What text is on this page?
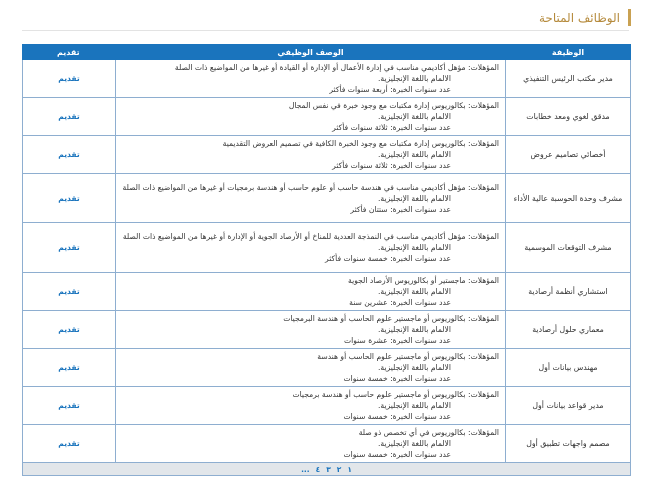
الوظائف المتاحة
الوظيفة	الوصف الوظيفي	تقديم
مدير مكتب الرئيس التنفيذي	المؤهلات: مؤهل أكاديمي مناسب في إدارة الأعمال أو الإدارة أو القيادة أو غيرها من المواضيع ذات الصلة
الالمام باللغة الإنجليزية.
عدد سنوات الخبرة: أربعة سنوات فأكثر	تقديم
مدقق لغوي ومعد خطابات	المؤهلات: بكالوريوس إدارة مكتبات مع وجود خبرة في نفس المجال
الالمام باللغة الإنجليزية.
عدد سنوات الخبرة: ثلاثة سنوات فأكثر	تقديم
أخصائي تصاميم عروض	المؤهلات: بكالوريوس إدارة مكتبات مع وجود الخبرة الكافية في تصميم العروض التقديمية
الالمام باللغة الإنجليزية.
عدد سنوات الخبرة: ثلاثة سنوات فأكثر	تقديم
مشرف وحدة الحوسبة عالية الأداء	المؤهلات: مؤهل أكاديمي مناسب في هندسة حاسب أو علوم حاسب أو هندسة برمجيات أو غيرها من المواضيع ذات الصلة
الالمام باللغة الإنجليزية.
عدد سنوات الخبرة: ستتان فأكثر	تقديم
مشرف التوقعات الموسمية	المؤهلات: مؤهل أكاديمي مناسب في النمذجة العددية للمناخ أو الأرصاد الجوية أو الإدارة أو غيرها من المواضيع ذات الصلة
الالمام باللغة الإنجليزية.
عدد سنوات الخبرة: خمسة سنوات فأكثر	تقديم
استشاري أنظمة أرصادية	المؤهلات: ماجستير أو بكالوريوس الأرصاد الجوية
الالمام باللغة الإنجليزية.
عدد سنوات الخبرة: عشرين سنة	تقديم
معماري حلول أرصادية	المؤهلات: بكالوريوس أو ماجستير علوم الحاسب أو هندسة البرمجيات
الالمام باللغة الإنجليزية.
عدد سنوات الخبرة: عشرة سنوات	تقديم
مهندس بيانات أول	المؤهلات: بكالوريوس أو ماجستير علوم الحاسب أو هندسة
الالمام باللغة الإنجليزية.
عدد سنوات الخبرة: خمسة سنوات	تقديم
مدير قواعد بيانات أول	المؤهلات: بكالوريوس أو ماجستير علوم حاسب أو هندسة برمجيات
الالمام باللغة الإنجليزية.
عدد سنوات الخبرة: خمسة سنوات	تقديم
مصمم واجهات تطبيق أول	المؤهلات: بكالوريوس في أي تخصص ذو صلة
الالمام باللغة الإنجليزية.
عدد سنوات الخبرة: خمسة سنوات	تقديم

١
٢
٣
٤
...		
